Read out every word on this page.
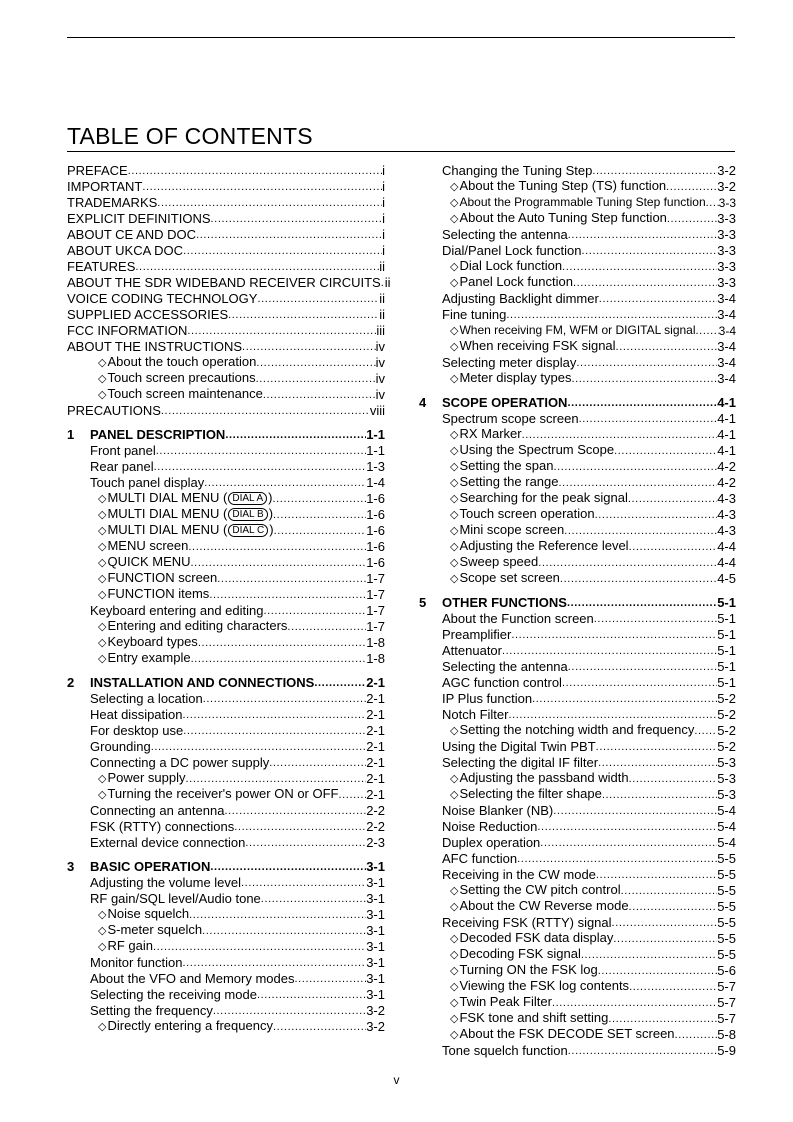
TABLE OF CONTENTS
PREFACE .....	i
IMPORTANT .....	i
TRADEMARKS .....	i
EXPLICIT DEFINITIONS .....	i
ABOUT CE AND DOC .....	i
ABOUT UKCA DOC .....	i
FEATURES .....	ii
ABOUT THE SDR WIDEBAND RECEIVER CIRCUITS ..... ii
VOICE CODING TECHNOLOGY .....	ii
SUPPLIED ACCESSORIES .....	ii
FCC INFORMATION .....	iii
ABOUT THE INSTRUCTIONS .....	iv
◇ About the touch operation .....	iv
◇ Touch screen precautions .....	iv
◇ Touch screen maintenance .....	iv
PRECAUTIONS .....	viii
1	PANEL DESCRIPTION .....	1-1
Front panel .....	1-1
Rear panel .....	1-3
Touch panel display .....	1-4
◇ MULTI DIAL MENU ( DIAL A ) .....	1-6
◇ MULTI DIAL MENU ( DIAL B ) .....	1-6
◇ MULTI DIAL MENU ( DIAL C ) .....	1-6
◇ MENU screen .....	1-6
◇ QUICK MENU .....	1-6
◇ FUNCTION screen .....	1-7
◇ FUNCTION items .....	1-7
Keyboard entering and editing .....	1-7
◇ Entering and editing characters .....	1-7
◇ Keyboard types .....	1-8
◇ Entry example .....	1-8
2	INSTALLATION AND CONNECTIONS .....	2-1
Selecting a location .....	2-1
Heat dissipation .....	2-1
For desktop use .....	2-1
Grounding .....	2-1
Connecting a DC power supply .....	2-1
◇ Power supply .....	2-1
◇ Turning the receiver's power ON or OFF ..... 2-1
Connecting an antenna .....	2-2
FSK (RTTY) connections .....	2-2
External device connection .....	2-3
3	BASIC OPERATION .....	3-1
Adjusting the volume level .....	3-1
RF gain/SQL level/Audio tone .....	3-1
◇ Noise squelch .....	3-1
◇ S-meter squelch .....	3-1
◇ RF gain .....	3-1
Monitor function .....	3-1
About the VFO and Memory modes .....	3-1
Selecting the receiving mode .....	3-1
Setting the frequency .....	3-2
◇ Directly entering a frequency .....	3-2
Changing the Tuning Step .....	3-2
◇ About the Tuning Step (TS) function .....	3-2
◇ About the Programmable Tuning Step function ..... 3-3
◇ About the Auto Tuning Step function .....	3-3
Selecting the antenna .....	3-3
Dial/Panel Lock function .....	3-3
◇ Dial Lock function .....	3-3
◇ Panel Lock function .....	3-3
Adjusting Backlight dimmer .....	3-4
Fine tuning .....	3-4
◇ When receiving FM, WFM or DIGITAL signal ..... 3-4
◇ When receiving FSK signal .....	3-4
Selecting meter display .....	3-4
◇ Meter display types .....	3-4
4	SCOPE OPERATION .....	4-1
Spectrum scope screen .....	4-1
◇ RX Marker .....	4-1
◇ Using the Spectrum Scope .....	4-1
◇ Setting the span .....	4-2
◇ Setting the range .....	4-2
◇ Searching for the peak signal .....	4-3
◇ Touch screen operation .....	4-3
◇ Mini scope screen .....	4-3
◇ Adjusting the Reference level .....	4-4
◇ Sweep speed .....	4-4
◇ Scope set screen .....	4-5
5	OTHER FUNCTIONS .....	5-1
About the Function screen .....	5-1
Preamplifier .....	5-1
Attenuator .....	5-1
Selecting the antenna .....	5-1
AGC function control .....	5-1
IP Plus function .....	5-2
Notch Filter .....	5-2
◇ Setting the notching width and frequency ..... 5-2
Using the Digital Twin PBT .....	5-2
Selecting the digital IF filter .....	5-3
◇ Adjusting the passband width .....	5-3
◇ Selecting the filter shape .....	5-3
Noise Blanker (NB) .....	5-4
Noise Reduction .....	5-4
Duplex operation .....	5-4
AFC function .....	5-5
Receiving in the CW mode .....	5-5
◇ Setting the CW pitch control .....	5-5
◇ About the CW Reverse mode .....	5-5
Receiving FSK (RTTY) signal .....	5-5
◇ Decoded FSK data display .....	5-5
◇ Decoding FSK signal .....	5-5
◇ Turning ON the FSK log .....	5-6
◇ Viewing the FSK log contents .....	5-7
◇ Twin Peak Filter .....	5-7
◇ FSK tone and shift setting .....	5-7
◇ About the FSK DECODE SET screen .....	5-8
Tone squelch function .....	5-9
v
